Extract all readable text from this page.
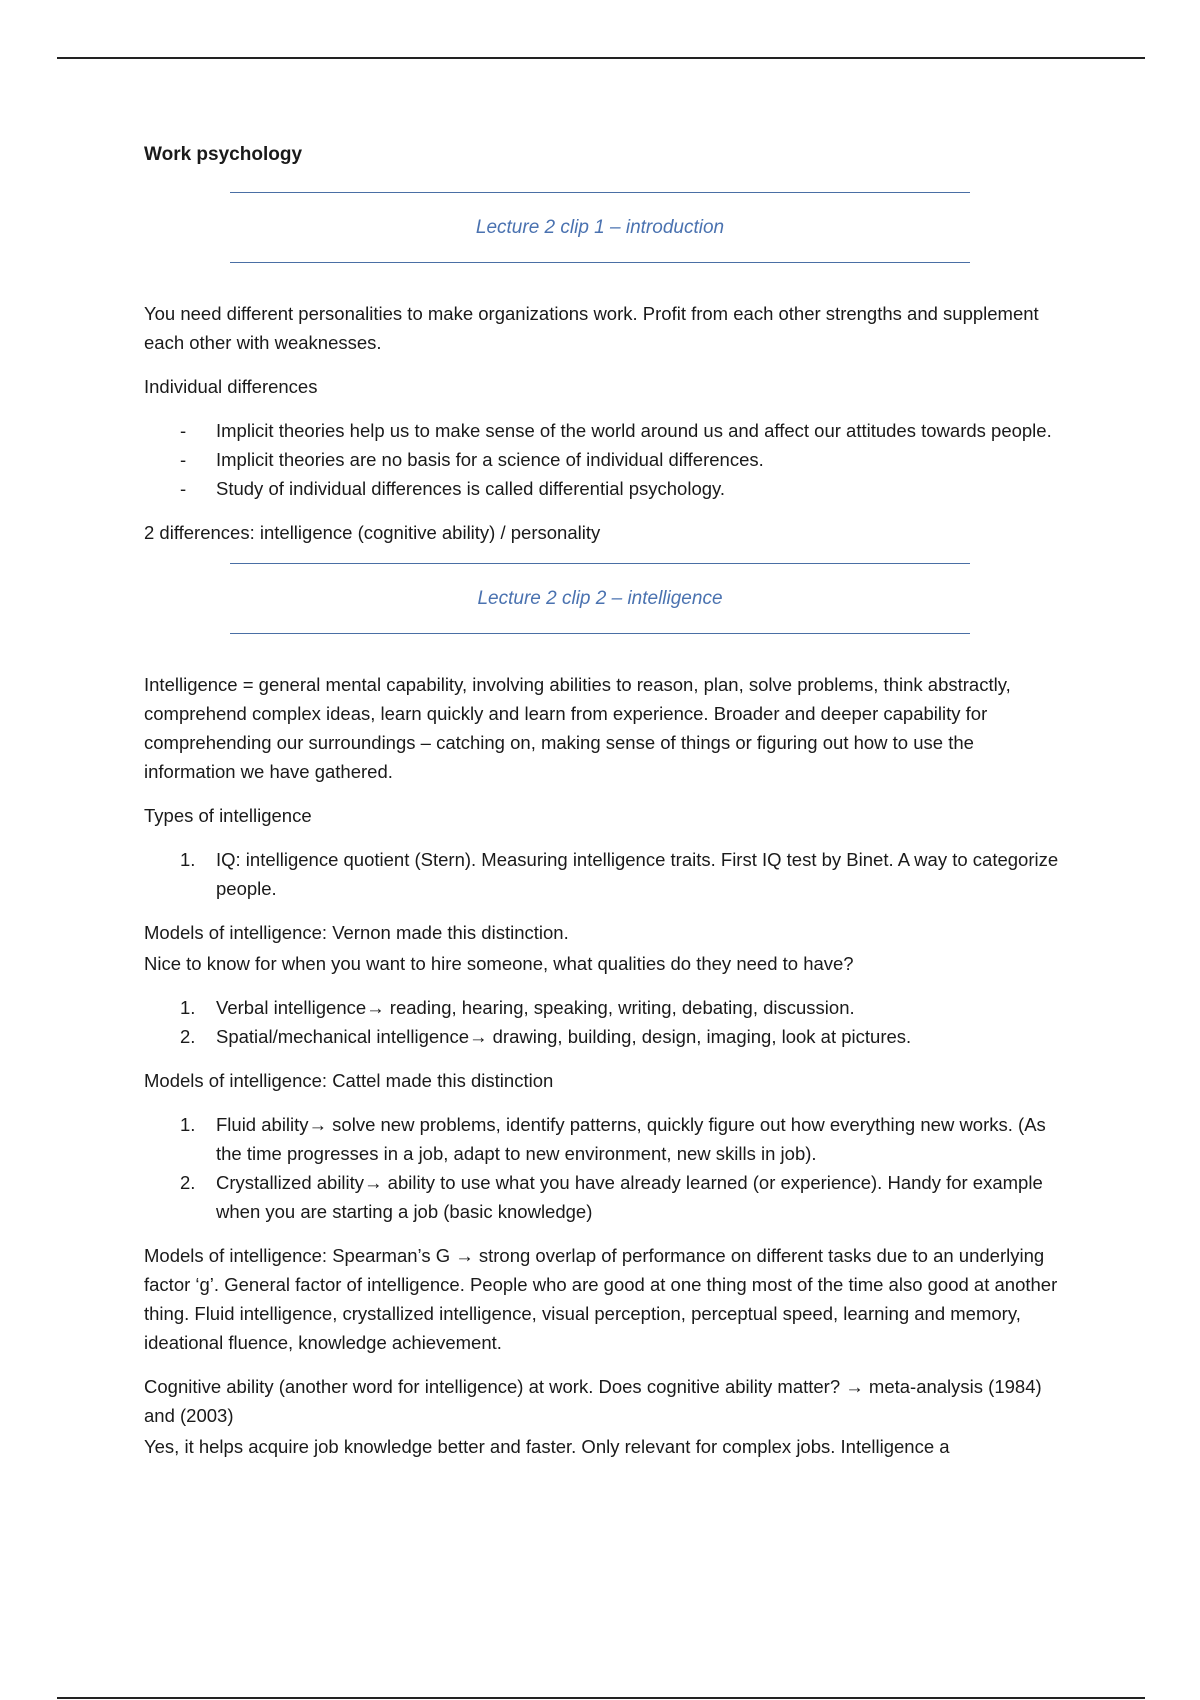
Work psychology
Lecture 2 clip 1 – introduction

You need different personalities to make organizations work. Profit from each other strengths and supplement each other with weaknesses.

Individual differences

- Implicit theories help us to make sense of the world around us and affect our attitudes towards people.
- Implicit theories are no basis for a science of individual differences.
- Study of individual differences is called differential psychology.

2 differences: intelligence (cognitive ability) / personality

Lecture 2 clip 2 – intelligence

Intelligence = general mental capability, involving abilities to reason, plan, solve problems, think abstractly, comprehend complex ideas, learn quickly and learn from experience. Broader and deeper capability for comprehending our surroundings – catching on, making sense of things or figuring out how to use the information we have gathered.

Types of intelligence

1. IQ: intelligence quotient (Stern). Measuring intelligence traits. First IQ test by Binet. A way to categorize people.

Models of intelligence: Vernon made this distinction.

Nice to know for when you want to hire someone, what qualities do they need to have?

1. Verbal intelligence→ reading, hearing, speaking, writing, debating, discussion.
2. Spatial/mechanical intelligence→ drawing, building, design, imaging, look at pictures.

Models of intelligence: Cattel made this distinction

1. Fluid ability→ solve new problems, identify patterns, quickly figure out how everything new works. (As the time progresses in a job, adapt to new environment, new skills in job).
2. Crystallized ability→ ability to use what you have already learned (or experience). Handy for example when you are starting a job (basic knowledge)

Models of intelligence: Spearman’s G → strong overlap of performance on different tasks due to an underlying factor ‘g’. General factor of intelligence. People who are good at one thing most of the time also good at another thing. Fluid intelligence, crystallized intelligence, visual perception, perceptual speed, learning and memory, ideational fluence, knowledge achievement.

Cognitive ability (another word for intelligence) at work. Does cognitive ability matter? → meta-analysis (1984) and (2003)

Yes, it helps acquire job knowledge better and faster. Only relevant for complex jobs. Intelligence a
